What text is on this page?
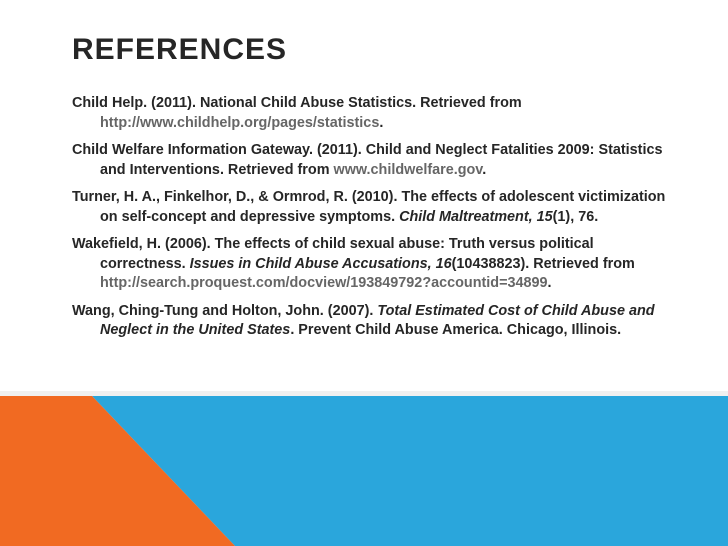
REFERENCES

Child Help. (2011). National Child Abuse Statistics. Retrieved from http://www.childhelp.org/pages/statistics.

Child Welfare Information Gateway. (2011). Child and Neglect Fatalities 2009: Statistics and Interventions. Retrieved from www.childwelfare.gov.

Turner, H. A., Finkelhor, D., & Ormrod, R. (2010). The effects of adolescent victimization on self-concept and depressive symptoms. Child Maltreatment, 15(1), 76.

Wakefield, H. (2006). The effects of child sexual abuse: Truth versus political correctness. Issues in Child Abuse Accusations, 16(10438823). Retrieved from http://search.proquest.com/docview/193849792?accountid=34899.

Wang, Ching-Tung and Holton, John. (2007). Total Estimated Cost of Child Abuse and Neglect in the United States. Prevent Child Abuse America. Chicago, Illinois.
